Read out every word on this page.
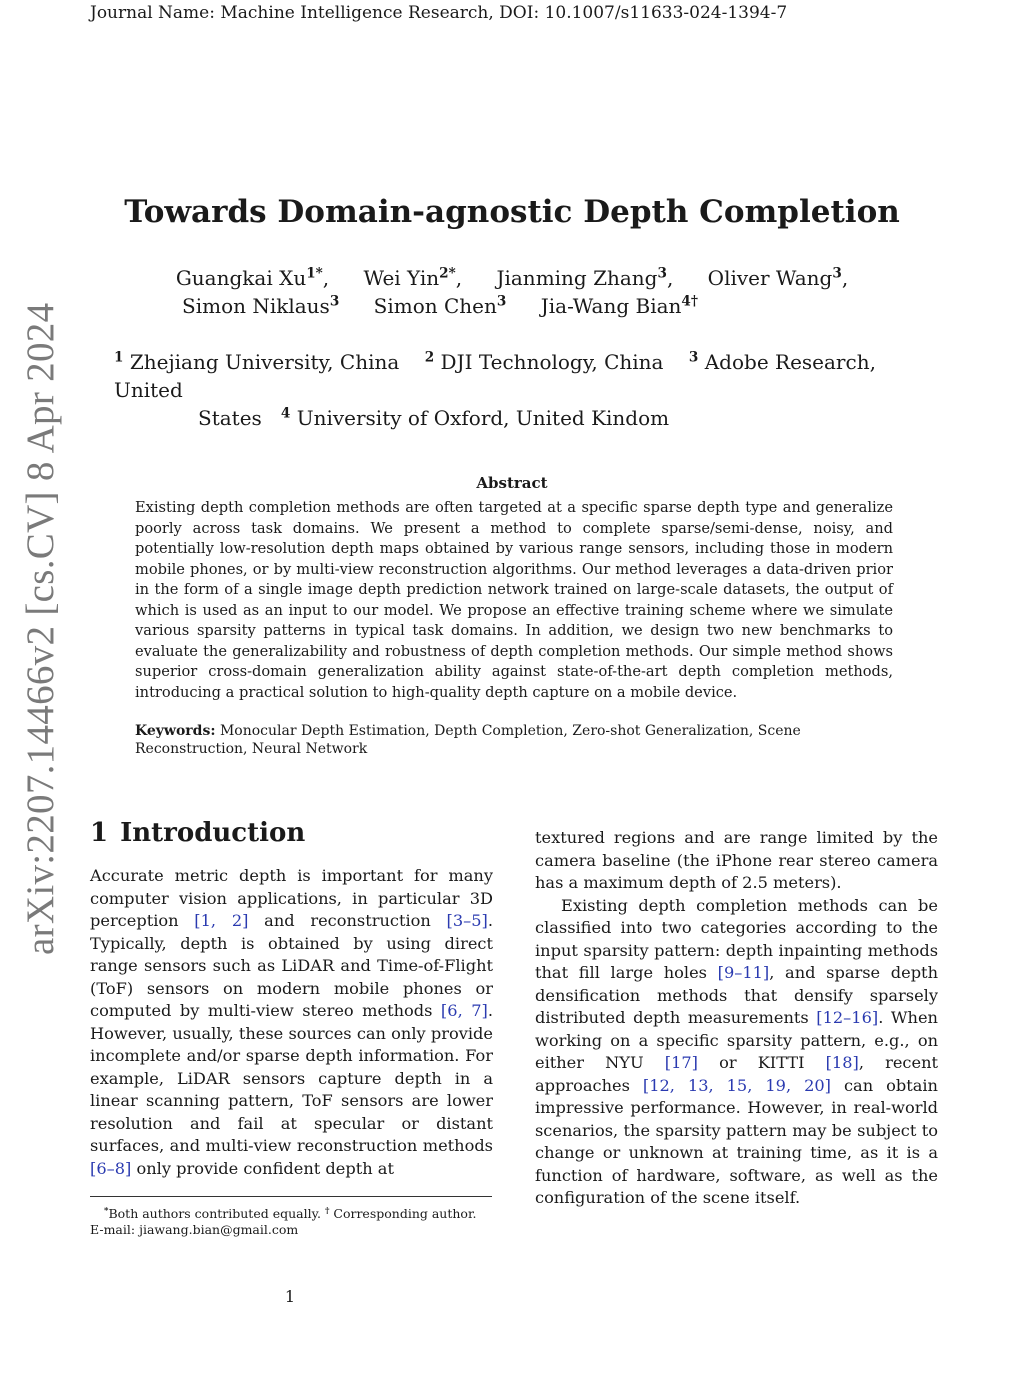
Journal Name: Machine Intelligence Research, DOI: 10.1007/s11633-024-1394-7
arXiv:2207.14466v2 [cs.CV] 8 Apr 2024
Towards Domain-agnostic Depth Completion
Guangkai $Xu^{1*}$, Wei Yin$^{2*}$, Jianming Zhang$^3$, Oliver Wang$^3$,
Simon Niklaus$^3$ Simon Chen$^3$ Jia-Wang Bian$^{4\dagger}$
$^1$ Zhejiang University, China $^2$ DJI Technology, China $^3$ Adobe Research, United
States $^4$ University of Oxford, United Kindom
Abstract
Existing depth completion methods are often targeted at a specific sparse depth type and generalize poorly across task domains. We present a method to complete sparse/semi-dense, noisy, and potentially low-resolution depth maps obtained by various range sensors, including those in modern mobile phones, or by multi-view reconstruction algorithms. Our method leverages a data-driven prior in the form of a single image depth prediction network trained on large-scale datasets, the output of which is used as an input to our model. We propose an effective training scheme where we simulate various sparsity patterns in typical task domains. In addition, we design two new benchmarks to evaluate the generalizability and robustness of depth completion methods. Our simple method shows superior cross-domain generalization ability against state-of-the-art depth completion methods, introducing a practical solution to high-quality depth capture on a mobile device.
Keywords: Monocular Depth Estimation, Depth Completion, Zero-shot Generalization, Scene Reconstruction, Neural Network
1 Introduction

Accurate metric depth is important for many computer vision applications, in particular 3D perception [1, 2] and reconstruction [3–5]. Typically, depth is obtained by using direct range sensors such as LiDAR and Time-of-Flight (ToF) sensors on modern mobile phones or computed by multi-view stereo methods [6, 7]. However, usually, these sources can only provide incomplete and/or sparse depth information. For example, LiDAR sensors capture depth in a linear scanning pattern, ToF sensors are lower resolution and fail at specular or distant surfaces, and multi-view reconstruction methods [6–8] only provide confident depth at

textured regions and are range limited by the camera baseline (the iPhone rear stereo camera has a maximum depth of 2.5 meters).

Existing depth completion methods can be classified into two categories according to the input sparsity pattern: depth inpainting methods that fill large holes [9–11], and sparse depth densification methods that densify sparsely distributed depth measurements [12–16]. When working on a specific sparsity pattern, e.g., on either NYU [17] or KITTI [18], recent approaches [12, 13, 15, 19, 20] can obtain impressive performance. However, in real-world scenarios, the sparsity pattern may be subject to change or unknown at training time, as it is a function of hardware, software, as well as the configuration of the scene itself.

*Both authors contributed equally. † Corresponding author.
E-mail: jiawang.bian@gmail.com
1
